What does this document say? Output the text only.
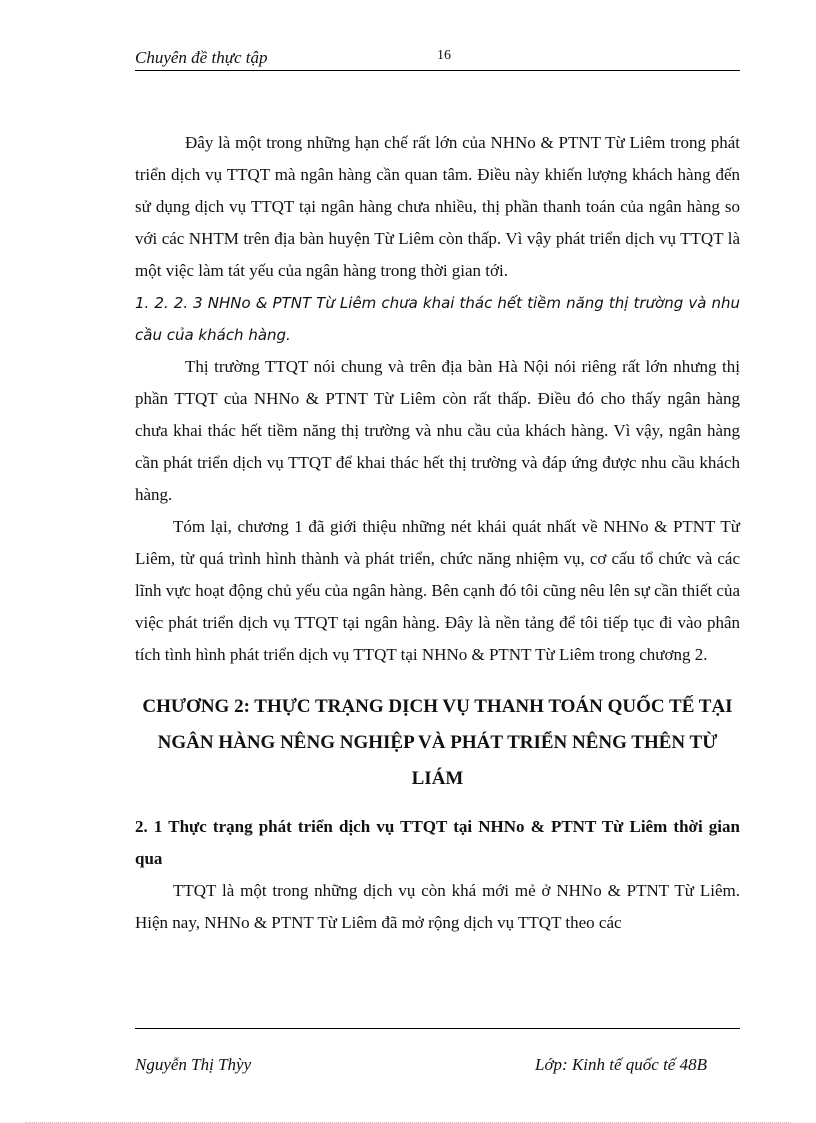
Chuyên đề thực tập	16

Đây là một trong những hạn chế rất lớn của NHNo & PTNT Từ Liêm trong phát triển dịch vụ TTQT mà ngân hàng cần quan tâm. Điều này khiến lượng khách hàng đến sử dụng dịch vụ TTQT tại ngân hàng chưa nhiều, thị phần thanh toán của ngân hàng so với các NHTM trên địa bàn huyện Từ Liêm còn thấp. Vì vậy phát triển dịch vụ TTQT là một việc làm tát yếu của ngân hàng trong thời gian tới.

1. 2. 2. 3 NHNo & PTNT Từ Liêm chưa khai thác hết tiềm năng thị trường và nhu cầu của khách hàng.

Thị trường TTQT nói chung và trên địa bàn Hà Nội nói riêng rất lớn nhưng thị phần TTQT của NHNo & PTNT Từ Liêm còn rất thấp. Điều đó cho thấy ngân hàng chưa khai thác hết tiềm năng thị trường và nhu cầu của khách hàng. Vì vậy, ngân hàng cần phát triển dịch vụ TTQT để khai thác hết thị trường và đáp ứng được nhu cầu khách hàng.

Tóm lại, chương 1 đã giới thiệu những nét khái quát nhất về NHNo & PTNT Từ Liêm, từ quá trình hình thành và phát triển, chức năng nhiệm vụ, cơ cấu tổ chức và các lĩnh vực hoạt động chủ yếu của ngân hàng. Bên cạnh đó tôi cũng nêu lên sự cần thiết của việc phát triển dịch vụ TTQT tại ngân hàng. Đây là nền tảng để tôi tiếp tục đi vào phân tích tình hình phát triển dịch vụ TTQT tại NHNo & PTNT Từ Liêm trong chương 2.

CHƯƠNG 2: THỰC TRẠNG DỊCH VỤ THANH TOÁN QUỐC TẾ TẠI NGÂN HÀNG NÊNG NGHIỆP VÀ PHÁT TRIỂN NÊNG THÊN TỪ LIÁM

2. 1 Thực trạng phát triển dịch vụ TTQT tại NHNo & PTNT Từ Liêm thời gian qua

TTQT là một trong những dịch vụ còn khá mới mẻ ở NHNo & PTNT Từ Liêm. Hiện nay, NHNo & PTNT Từ Liêm đã mở rộng dịch vụ TTQT theo các

Nguyễn Thị Thỳy	Lớp: Kinh tế quốc tế 48B
